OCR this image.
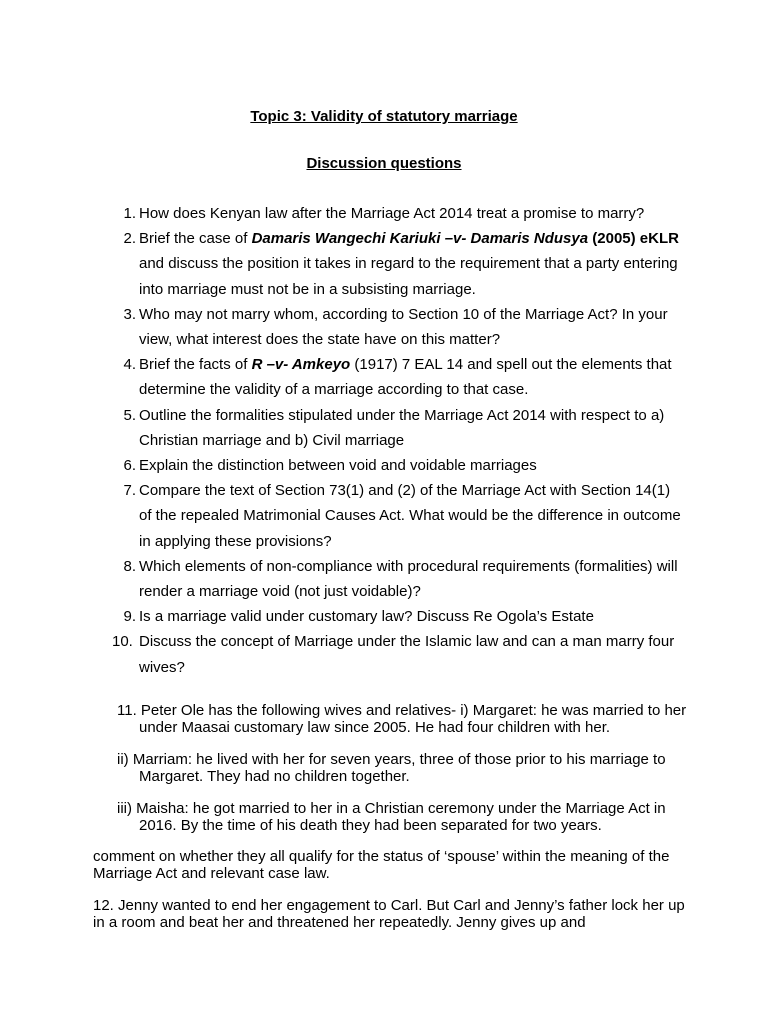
Topic 3: Validity of statutory marriage
Discussion questions
1. How does Kenyan law after the Marriage Act 2014 treat a promise to marry?
2. Brief the case of Damaris Wangechi Kariuki –v- Damaris Ndusya (2005) eKLR and discuss the position it takes in regard to the requirement that a party entering into marriage must not be in a subsisting marriage.
3. Who may not marry whom, according to Section 10 of the Marriage Act? In your view, what interest does the state have on this matter?
4. Brief the facts of R –v- Amkeyo (1917) 7 EAL 14 and spell out the elements that determine the validity of a marriage according to that case.
5. Outline the formalities stipulated under the Marriage Act 2014 with respect to a) Christian marriage and b) Civil marriage
6. Explain the distinction between void and voidable marriages
7. Compare the text of Section 73(1) and (2) of the Marriage Act with Section 14(1) of the repealed Matrimonial Causes Act. What would be the difference in outcome in applying these provisions?
8. Which elements of non-compliance with procedural requirements (formalities) will render a marriage void (not just voidable)?
9. Is a marriage valid under customary law? Discuss Re Ogola’s Estate
10. Discuss the concept of Marriage under the Islamic law and can a man marry four wives?
11. Peter Ole has the following wives and relatives- i) Margaret: he was married to her under Maasai customary law since 2005. He had four children with her.
ii) Marriam: he lived with her for seven years, three of those prior to his marriage to Margaret. They had no children together.
iii) Maisha: he got married to her in a Christian ceremony under the Marriage Act in 2016. By the time of his death they had been separated for two years.
comment on whether they all qualify for the status of ‘spouse’ within the meaning of the Marriage Act and relevant case law.
12. Jenny wanted to end her engagement to Carl. But Carl and Jenny’s father lock her up in a room and beat her and threatened her repeatedly. Jenny gives up and
